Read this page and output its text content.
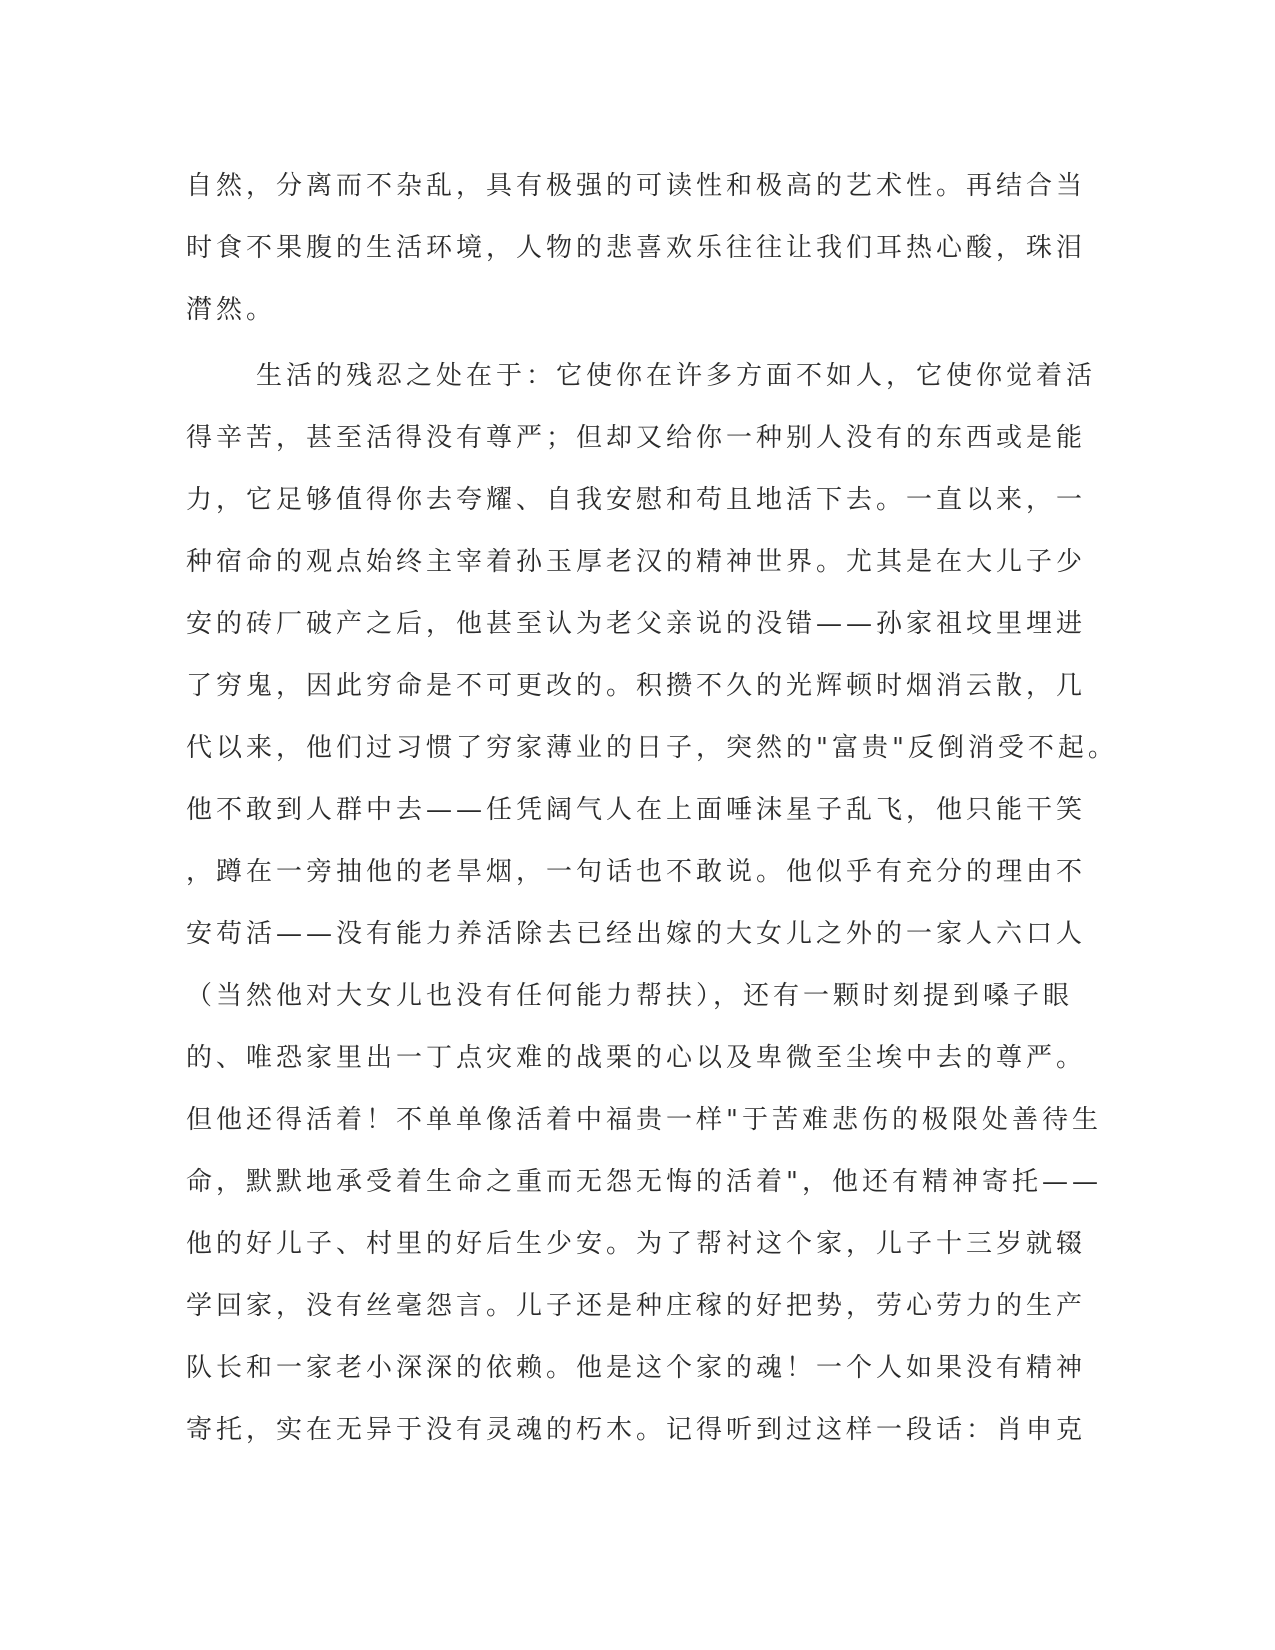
自然，分离而不杂乱，具有极强的可读性和极高的艺术性。再结合当
时食不果腹的生活环境，人物的悲喜欢乐往往让我们耳热心酸，珠泪
潸然。
生活的残忍之处在于：它使你在许多方面不如人，它使你觉着活
得辛苦，甚至活得没有尊严；但却又给你一种别人没有的东西或是能
力，它足够值得你去夸耀、自我安慰和苟且地活下去。一直以来，一
种宿命的观点始终主宰着孙玉厚老汉的精神世界。尤其是在大儿子少
安的砖厂破产之后，他甚至认为老父亲说的没错——孙家祖坟里埋进
了穷鬼，因此穷命是不可更改的。积攒不久的光辉顿时烟消云散，几
代以来，他们过习惯了穷家薄业的日子，突然的"富贵"反倒消受不起。
他不敢到人群中去——任凭阔气人在上面唾沫星子乱飞，他只能干笑
，蹲在一旁抽他的老旱烟，一句话也不敢说。他似乎有充分的理由不
安苟活——没有能力养活除去已经出嫁的大女儿之外的一家人六口人
（当然他对大女儿也没有任何能力帮扶），还有一颗时刻提到嗓子眼
的、唯恐家里出一丁点灾难的战栗的心以及卑微至尘埃中去的尊严。
但他还得活着！不单单像活着中福贵一样"于苦难悲伤的极限处善待生
命，默默地承受着生命之重而无怨无悔的活着"，他还有精神寄托——
他的好儿子、村里的好后生少安。为了帮衬这个家，儿子十三岁就辍
学回家，没有丝毫怨言。儿子还是种庄稼的好把势，劳心劳力的生产
队长和一家老小深深的依赖。他是这个家的魂！一个人如果没有精神
寄托，实在无异于没有灵魂的朽木。记得听到过这样一段话：肖申克
